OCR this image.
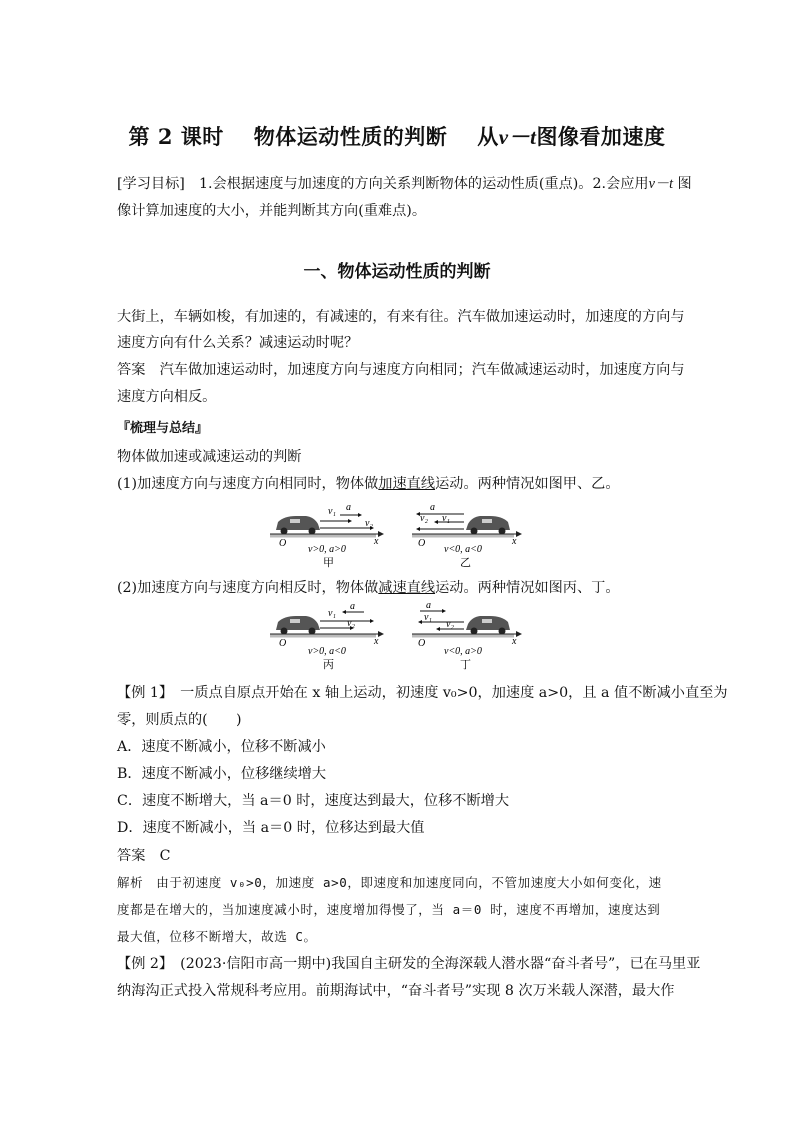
第 2 课时 物体运动性质的判断 从v－t图像看加速度
[学习目标]　1.会根据速度与加速度的方向关系判断物体的运动性质(重点)。2.会应用v－t 图
像计算加速度的大小，并能判断其方向(重难点)。
一、物体运动性质的判断
大街上，车辆如梭，有加速的，有减速的，有来有往。汽车做加速运动时，加速度的方向与
速度方向有什么关系？减速运动时呢？
答案　汽车做加速运动时，加速度方向与速度方向相同；汽车做减速运动时，加速度方向与
速度方向相反。
『梳理与总结』
物体做加速或减速运动的判断
(1)加速度方向与速度方向相同时，物体做加速直线运动。两种情况如图甲、乙。
v₁ a
v₂
O	x
v>0, a>0
甲
a
v₂ v₁
O	x
v<0, a<0
乙
(2)加速度方向与速度方向相反时，物体做减速直线运动。两种情况如图丙、丁。
v₁
a
v₂
O	x
v>0, a<0
丙
a
v₁
v₂
O	x
v<0, a>0
丁
【例 1】　一质点自原点开始在 x 轴上运动，初速度 v₀>0，加速度 a>0，且 a 值不断减小直至为
零，则质点的(　　)
A．速度不断减小，位移不断减小
B．速度不断减小，位移继续增大
C．速度不断增大，当 a＝0 时，速度达到最大，位移不断增大
D．速度不断减小，当 a＝0 时，位移达到最大值
答案　C
解析　由于初速度 v₀>0，加速度 a>0，即速度和加速度同向，不管加速度大小如何变化，速
度都是在增大的，当加速度减小时，速度增加得慢了，当 a＝0 时，速度不再增加，速度达到
最大值，位移不断增大，故选 C。
【例 2】　(2023·信阳市高一期中)我国自主研发的全海深载人潜水器“奋斗者号”，已在马里亚
纳海沟正式投入常规科考应用。前期海试中，“奋斗者号”实现 8 次万米载人深潜，最大作
